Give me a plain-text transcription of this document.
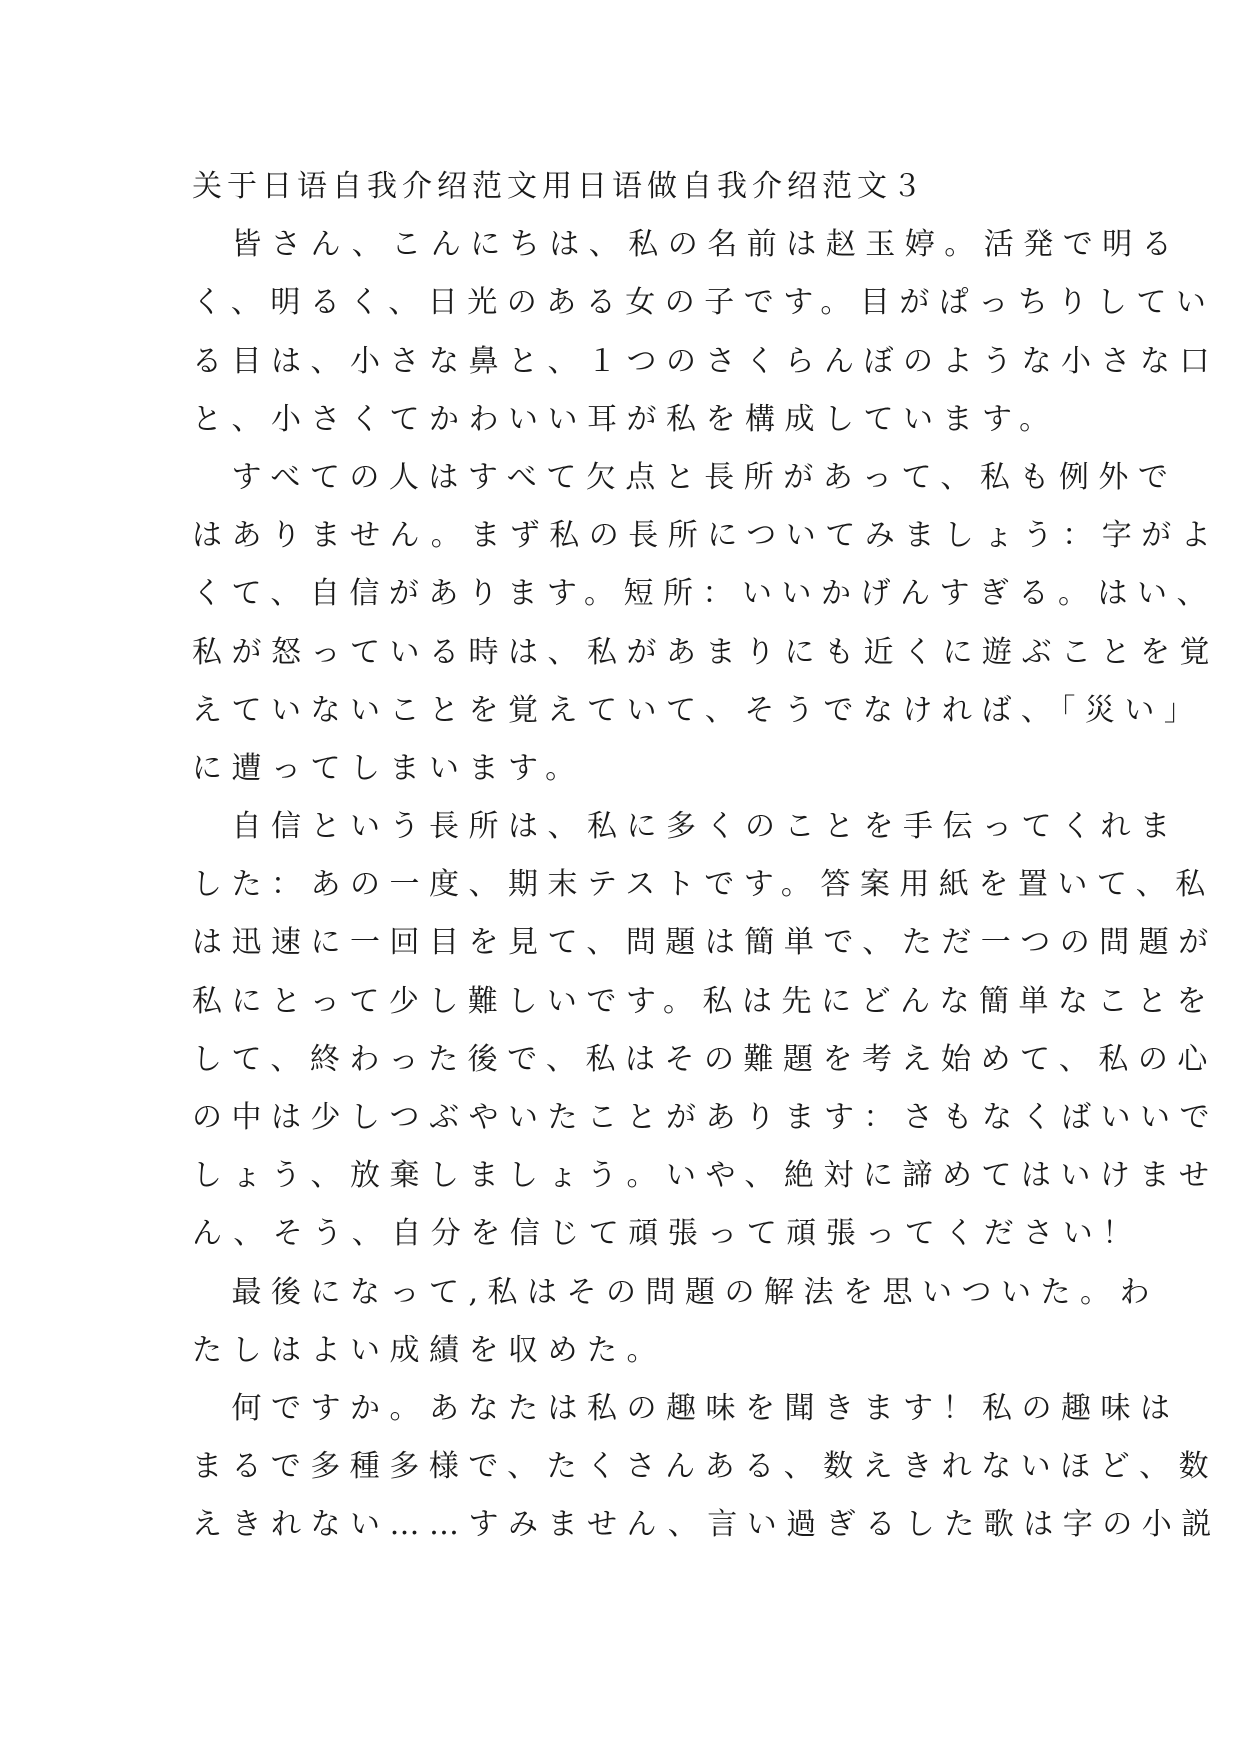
关于日语自我介绍范文用日语做自我介绍范文３
　皆さん、こんにちは、私の名前は赵玉婷。活発で明る
く、明るく、日光のある女の子です。目がぱっちりしてい
る目は、小さな鼻と、１つのさくらんぼのような小さな口
と、小さくてかわいい耳が私を構成しています。
　すべての人はすべて欠点と長所があって、私も例外で
はありません。まず私の長所についてみましょう：字がよ
くて、自信があります。短所：いいかげんすぎる。はい、
私が怒っている時は、私があまりにも近くに遊ぶことを覚
えていないことを覚えていて、そうでなければ、「災い」
に遭ってしまいます。
　自信という長所は、私に多くのことを手伝ってくれま
した：あの一度、期末テストです。答案用紙を置いて、私
は迅速に一回目を見て、問題は簡単で、ただ一つの問題が
私にとって少し難しいです。私は先にどんな簡単なことを
して、終わった後で、私はその難題を考え始めて、私の心
の中は少しつぶやいたことがあります：さもなくばいいで
しょう、放棄しましょう。いや、絶対に諦めてはいけませ
ん、そう、自分を信じて頑張って頑張ってください！
　最後になって,私はその問題の解法を思いついた。わ
たしはよい成績を収めた。
　何ですか。あなたは私の趣味を聞きます！私の趣味は
まるで多種多様で、たくさんある、数えきれないほど、数
えきれない……すみません、言い過ぎるした歌は字の小説
